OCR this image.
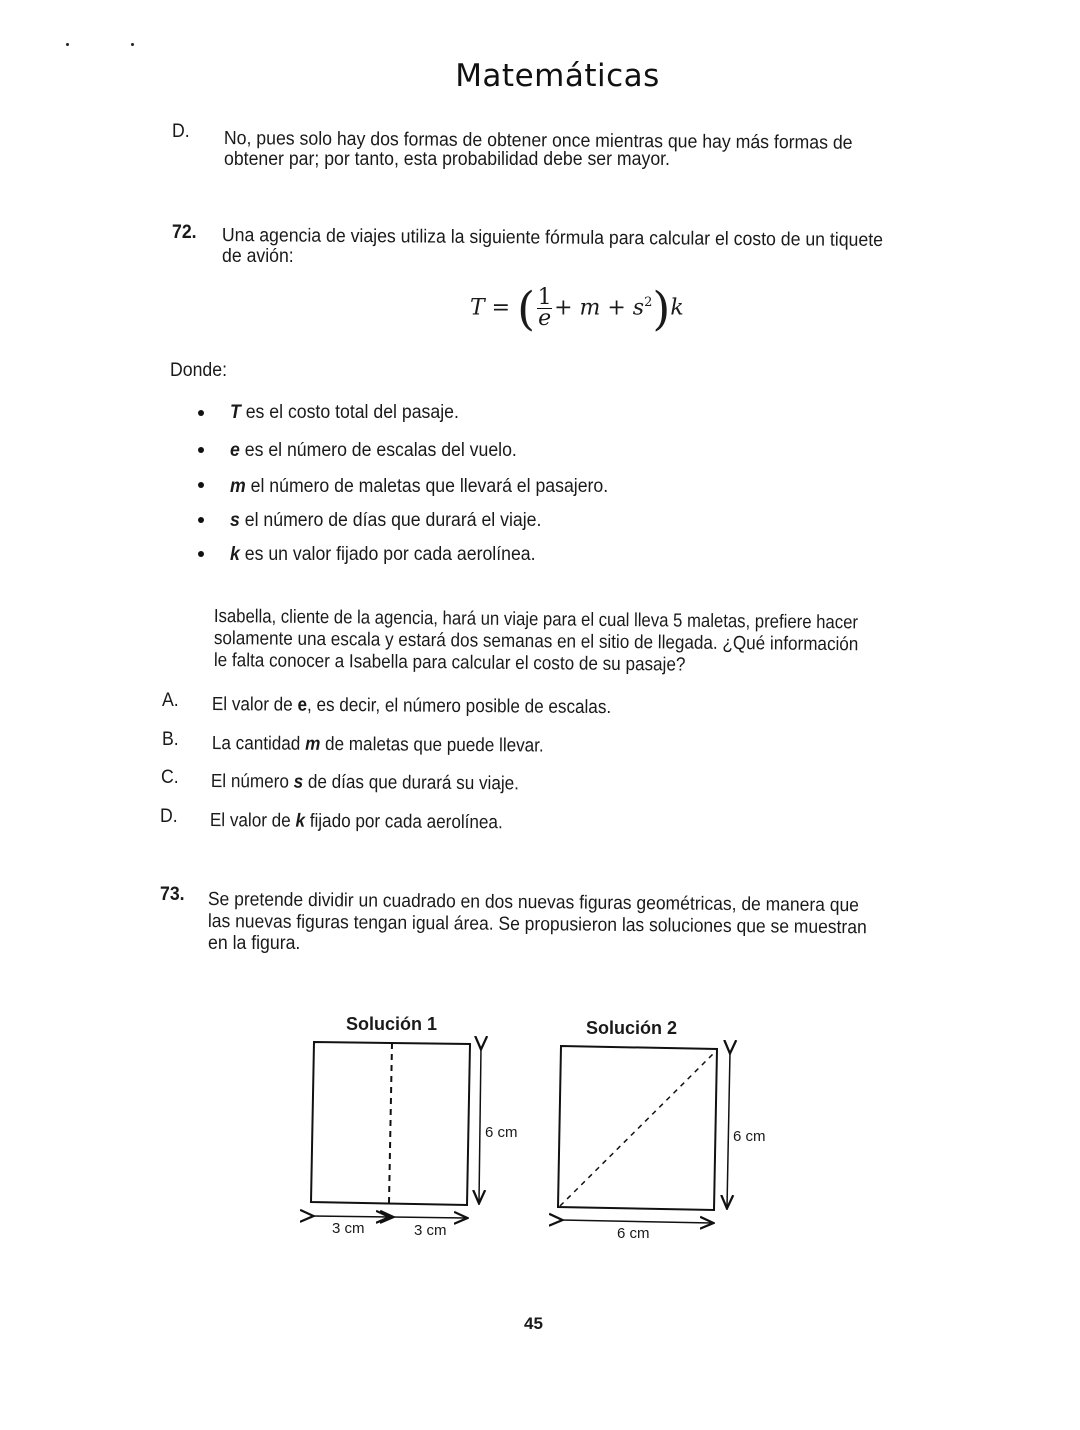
Matemáticas
D. No, pues solo hay dos formas de obtener once mientras que hay más formas de
obtener par; por tanto, esta probabilidad debe ser mayor.
72. Una agencia de viajes utiliza la siguiente fórmula para calcular el costo de un tiquete
de avión:
T = ( $\frac{1}{e} + m + s^2)k$
Donde:
T es el costo total del pasaje.
e es el número de escalas del vuelo.
m el número de maletas que llevará el pasajero.
s el número de días que durará el viaje.
k es un valor fijado por cada aerolínea.
Isabella, cliente de la agencia, hará un viaje para el cual lleva 5 maletas, prefiere hacer
solamente una escala y estará dos semanas en el sitio de llegada. ¿Qué información
le falta conocer a Isabella para calcular el costo de su pasaje?
A. El valor de e, es decir, el número posible de escalas.
B. La cantidad m de maletas que puede llevar.
C. El número s de días que durará su viaje.
D. El valor de k fijado por cada aerolínea.
73. Se pretende dividir un cuadrado en dos nuevas figuras geométricas, de manera que
las nuevas figuras tengan igual área. Se propusieron las soluciones que se muestran
en la figura.
Solución 1	Solución 2
6 cm
3 cm	3 cm
6 cm
6 cm
45
